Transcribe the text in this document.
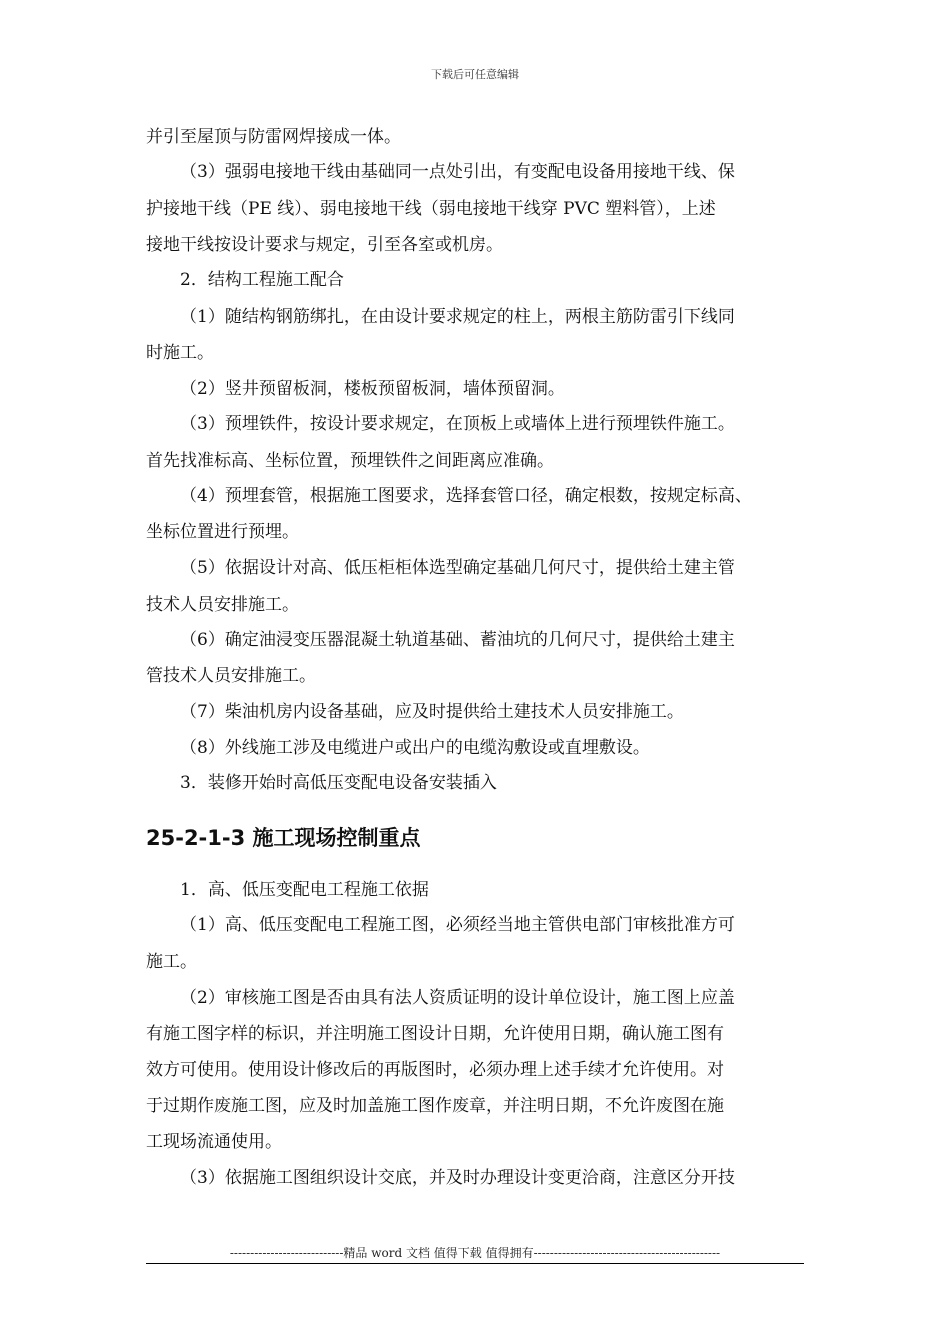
下载后可任意编辑
并引至屋顶与防雷网焊接成一体。
（3）强弱电接地干线由基础同一点处引出，有变配电设备用接地干线、保
护接地干线（PE 线）、弱电接地干线（弱电接地干线穿 PVC 塑料管），上述
接地干线按设计要求与规定，引至各室或机房。
2．结构工程施工配合
（1）随结构钢筋绑扎，在由设计要求规定的柱上，两根主筋防雷引下线同
时施工。
（2）竖井预留板洞，楼板预留板洞，墙体预留洞。
（3）预埋铁件，按设计要求规定，在顶板上或墙体上进行预埋铁件施工。
首先找准标高、坐标位置，预埋铁件之间距离应准确。
（4）预埋套管，根据施工图要求，选择套管口径，确定根数，按规定标高、
坐标位置进行预埋。
（5）依据设计对高、低压柜柜体选型确定基础几何尺寸，提供给土建主管
技术人员安排施工。
（6）确定油浸变压器混凝土轨道基础、蓄油坑的几何尺寸，提供给土建主
管技术人员安排施工。
（7）柴油机房内设备基础，应及时提供给土建技术人员安排施工。
（8）外线施工涉及电缆进户或出户的电缆沟敷设或直埋敷设。
3．装修开始时高低压变配电设备安装插入
25-2-1-3 施工现场控制重点
1．高、低压变配电工程施工依据
（1）高、低压变配电工程施工图，必须经当地主管供电部门审核批准方可
施工。
（2）审核施工图是否由具有法人资质证明的设计单位设计，施工图上应盖
有施工图字样的标识，并注明施工图设计日期，允许使用日期，确认施工图有
效方可使用。使用设计修改后的再版图时，必须办理上述手续才允许使用。对
于过期作废施工图，应及时加盖施工图作废章，并注明日期，不允许废图在施
工现场流通使用。
（3）依据施工图组织设计交底，并及时办理设计变更洽商，注意区分开技
----------------------------精品 word 文档 值得下载 值得拥有----------------------------------------------
